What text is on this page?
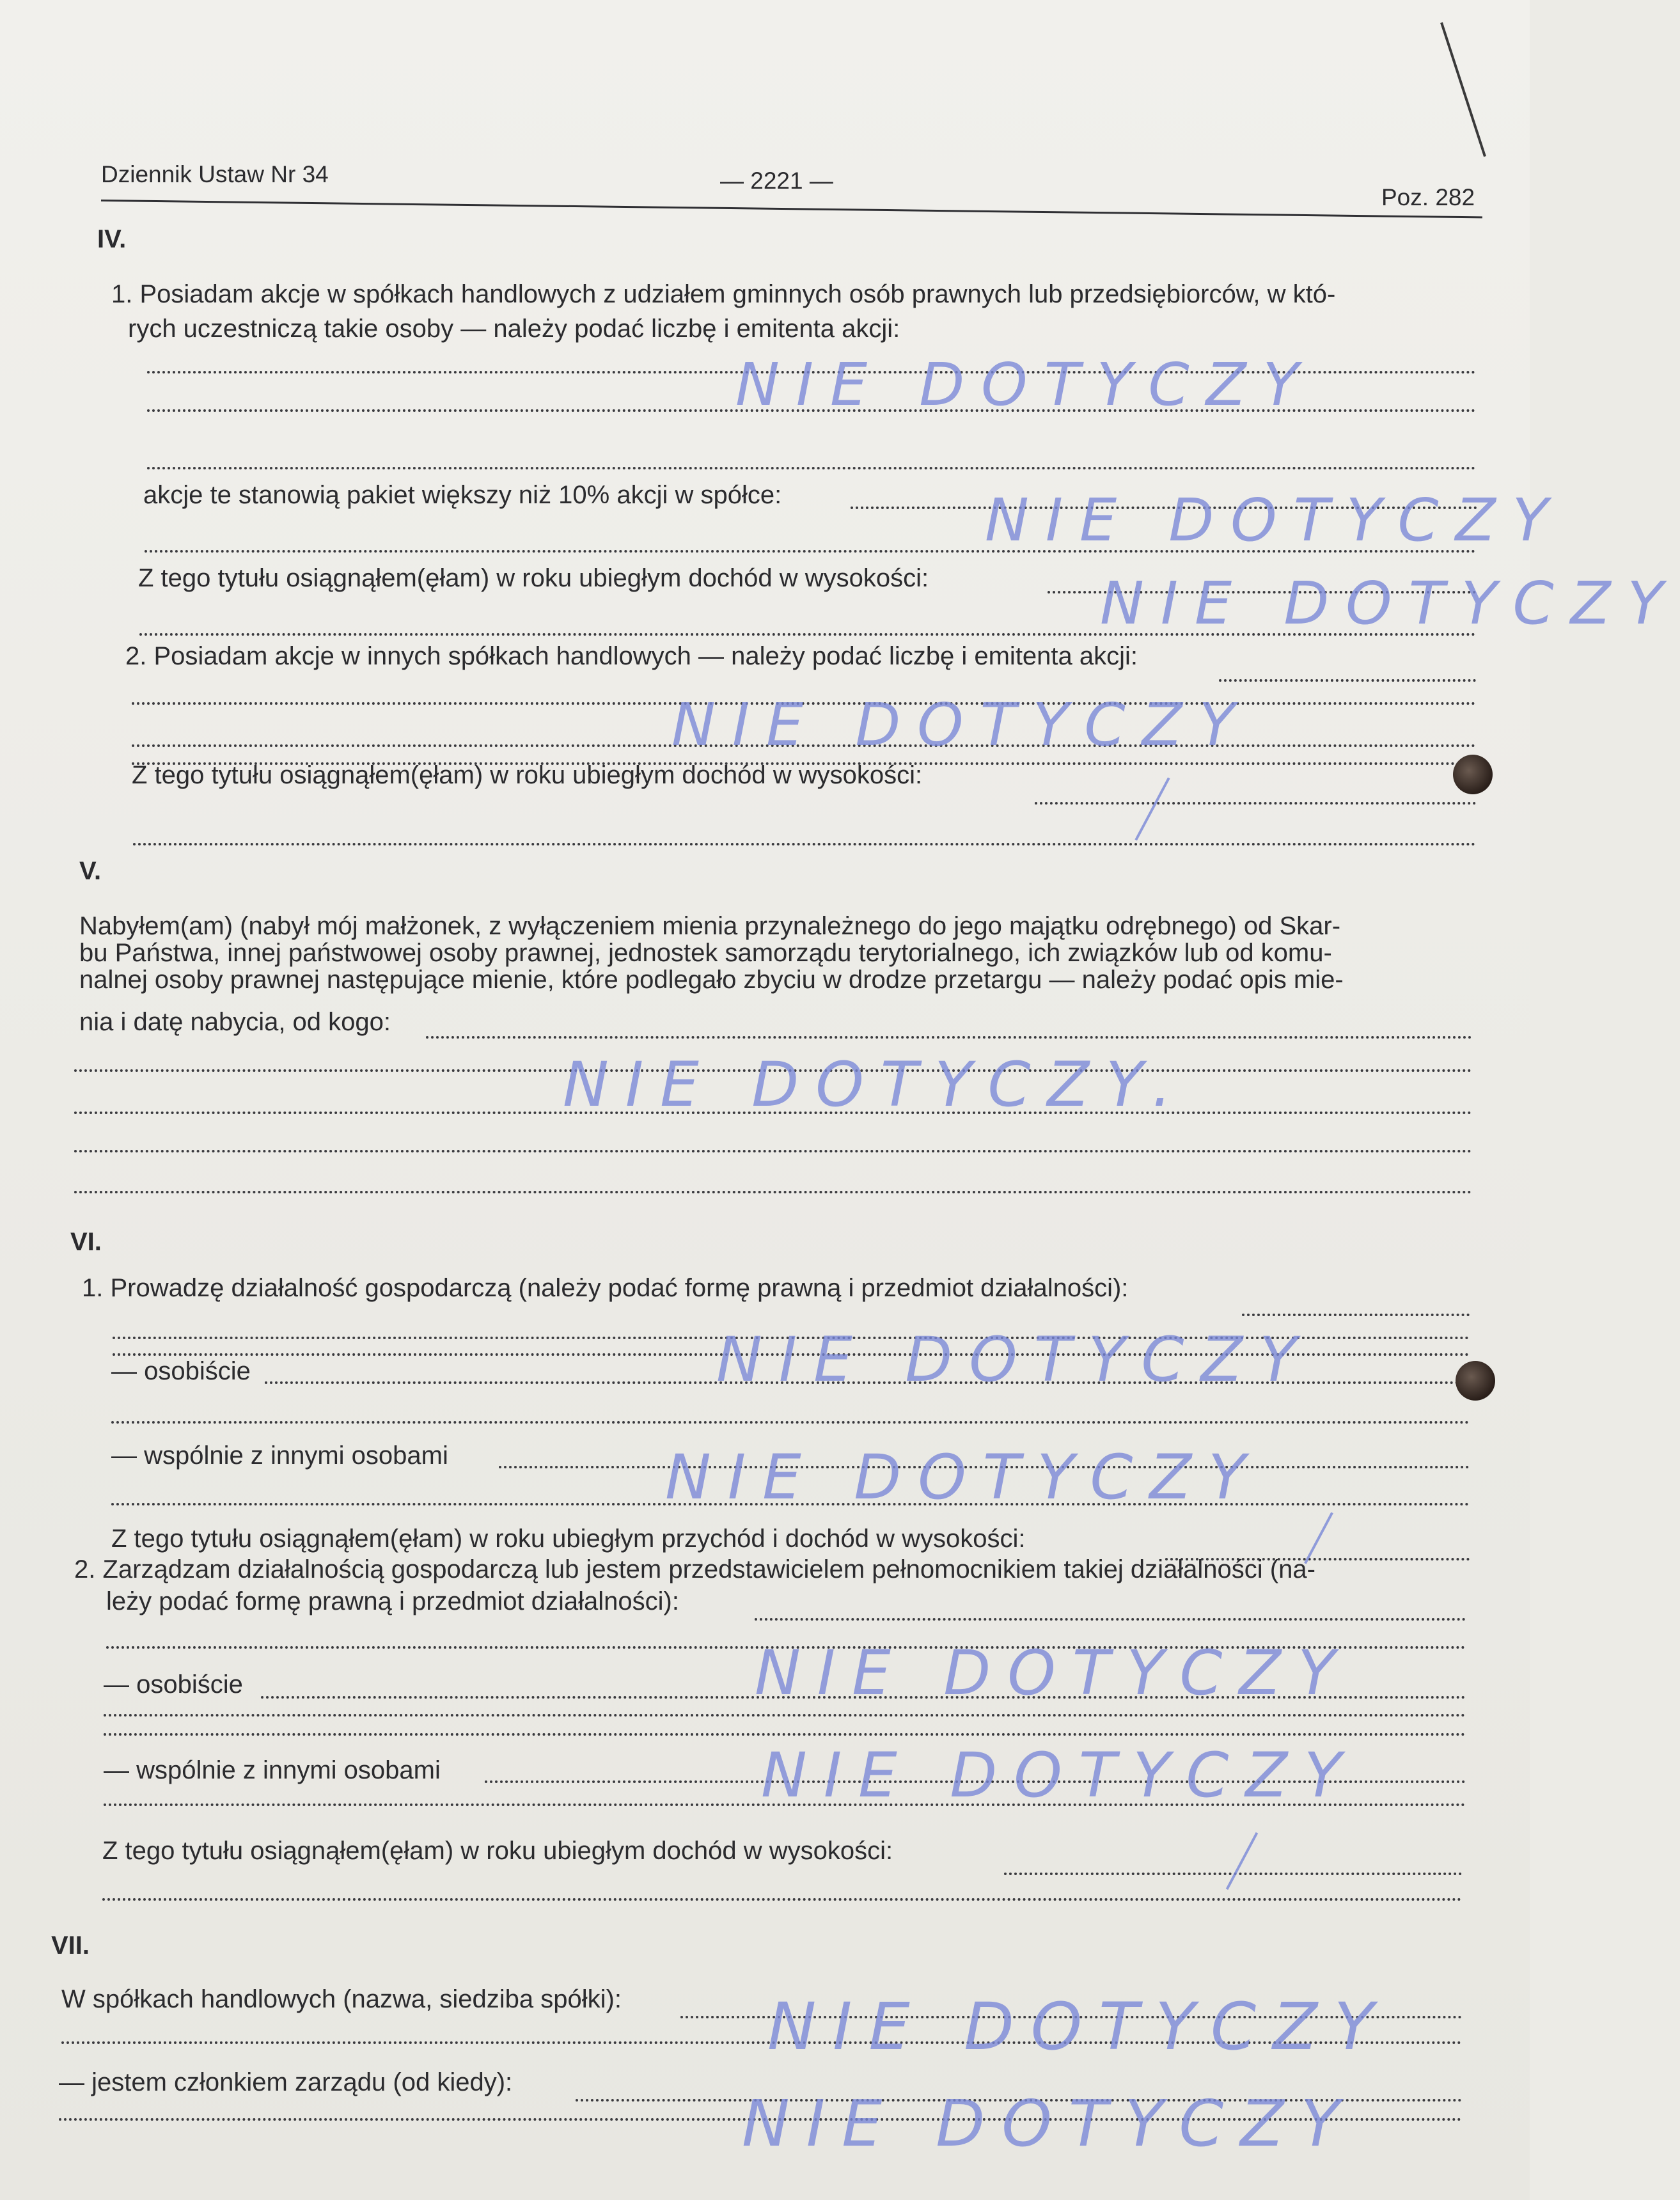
Dziennik Ustaw Nr 34	— 2221 —
Poz. 282
IV.
1. Posiadam akcje w spółkach handlowych z udziałem gminnych osób prawnych lub przedsiębiorców, w któ-
rych uczestniczą takie osoby — należy podać liczbę i emitenta akcji:
NIE DOTYCZY
akcje te stanowią pakiet większy niż 10% akcji w spółce:	NIE DOTYCZY
Z tego tytułu osiągnąłem(ęłam) w roku ubiegłym dochód w wysokości:	NIE DOTYCZY
2. Posiadam akcje w innych spółkach handlowych — należy podać liczbę i emitenta akcji:
NIE DOTYCZY
Z tego tytułu osiągnąłem(ęłam) w roku ubiegłym dochód w wysokości:
V.
Nabyłem(am) (nabył mój małżonek, z wyłączeniem mienia przynależnego do jego majątku odrębnego) od Skar-
bu Państwa, innej państwowej osoby prawnej, jednostek samorządu terytorialnego, ich związków lub od komu-
nalnej osoby prawnej następujące mienie, które podlegało zbyciu w drodze przetargu — należy podać opis mie-
nia i datę nabycia, od kogo:
NIE DOTYCZY.
VI.
1. Prowadzę działalność gospodarczą (należy podać formę prawną i przedmiot działalności):
— osobiście	NIE DOTYCZY
— wspólnie z innymi osobami	NIE DOTYCZY
Z tego tytułu osiągnąłem(ęłam) w roku ubiegłym przychód i dochód w wysokości:
2. Zarządzam działalnością gospodarczą lub jestem przedstawicielem pełnomocnikiem takiej działalności (na-
leży podać formę prawną i przedmiot działalności):
— osobiście	NIE DOTYCZY
— wspólnie z innymi osobami	NIE DOTYCZY
Z tego tytułu osiągnąłem(ęłam) w roku ubiegłym dochód w wysokości:
VII.
W spółkach handlowych (nazwa, siedziba spółki): NIE DOTYCZY
— jestem członkiem zarządu (od kiedy):
NIE DOTYCZY
